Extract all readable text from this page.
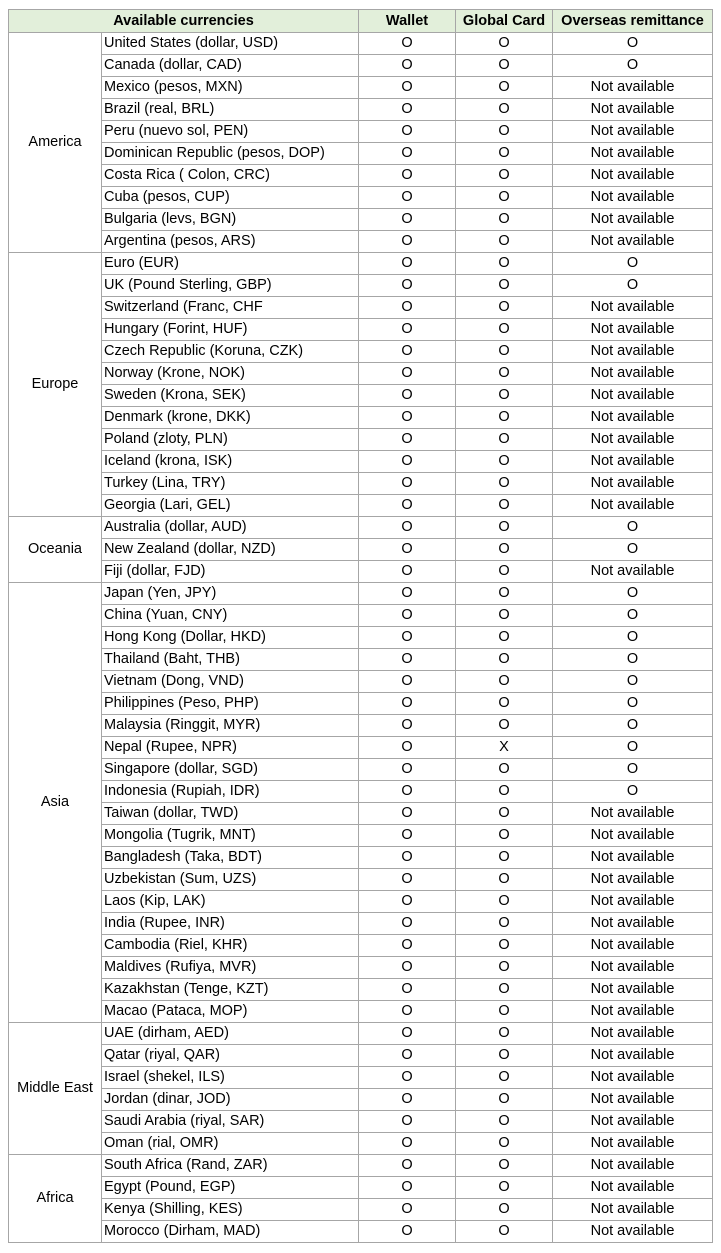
Available currencies		Wallet	Global Card	Overseas remittance
America	United States (dollar, USD)	O	O	O
	Canada (dollar, CAD)	O	O	O
	Mexico (pesos, MXN)	O	O	Not available
	Brazil (real, BRL)	O	O	Not available
	Peru (nuevo sol, PEN)	O	O	Not available
	Dominican Republic (pesos, DOP)	O	O	Not available
	Costa Rica ( Colon, CRC)	O	O	Not available
	Cuba (pesos, CUP)	O	O	Not available
	Bulgaria (levs, BGN)	O	O	Not available
	Argentina (pesos, ARS)	O	O	Not available
Europe	Euro (EUR)	O	O	O
	UK (Pound Sterling, GBP)	O	O	O
	Switzerland (Franc, CHF	O	O	Not available
	Hungary (Forint, HUF)	O	O	Not available
	Czech Republic (Koruna, CZK)	O	O	Not available
	Norway (Krone, NOK)	O	O	Not available
	Sweden (Krona, SEK)	O	O	Not available
	Denmark (krone, DKK)	O	O	Not available
	Poland (zloty, PLN)	O	O	Not available
	Iceland (krona, ISK)	O	O	Not available
	Turkey (Lina, TRY)	O	O	Not available
	Georgia (Lari, GEL)	O	O	Not available
Oceania	Australia (dollar, AUD)	O	O	O
	New Zealand (dollar, NZD)	O	O	O
	Fiji (dollar, FJD)	O	O	Not available
Asia	Japan (Yen, JPY)	O	O	O
	China (Yuan, CNY)	O	O	O
	Hong Kong (Dollar, HKD)	O	O	O
	Thailand (Baht, THB)	O	O	O
	Vietnam (Dong, VND)	O	O	O
	Philippines (Peso, PHP)	O	O	O
	Malaysia (Ringgit, MYR)	O	O	O
	Nepal (Rupee, NPR)	O	X	O
	Singapore (dollar, SGD)	O	O	O
	Indonesia (Rupiah, IDR)	O	O	O
	Taiwan (dollar, TWD)	O	O	Not available
	Mongolia (Tugrik, MNT)	O	O	Not available
	Bangladesh (Taka, BDT)	O	O	Not available
	Uzbekistan (Sum, UZS)	O	O	Not available
	Laos (Kip, LAK)	O	O	Not available
	India (Rupee, INR)	O	O	Not available
	Cambodia (Riel, KHR)	O	O	Not available
	Maldives (Rufiya, MVR)	O	O	Not available
	Kazakhstan (Tenge, KZT)	O	O	Not available
	Macao (Pataca, MOP)	O	O	Not available
Middle East	UAE (dirham, AED)	O	O	Not available
	Qatar (riyal, QAR)	O	O	Not available
	Israel (shekel, ILS)	O	O	Not available
	Jordan (dinar, JOD)	O	O	Not available
	Saudi Arabia (riyal, SAR)	O	O	Not available
	Oman (rial, OMR)	O	O	Not available
Africa	South Africa (Rand, ZAR)	O	O	Not available
	Egypt (Pound, EGP)	O	O	Not available
	Kenya (Shilling, KES)	O	O	Not available
	Morocco (Dirham, MAD)	O	O	Not available
